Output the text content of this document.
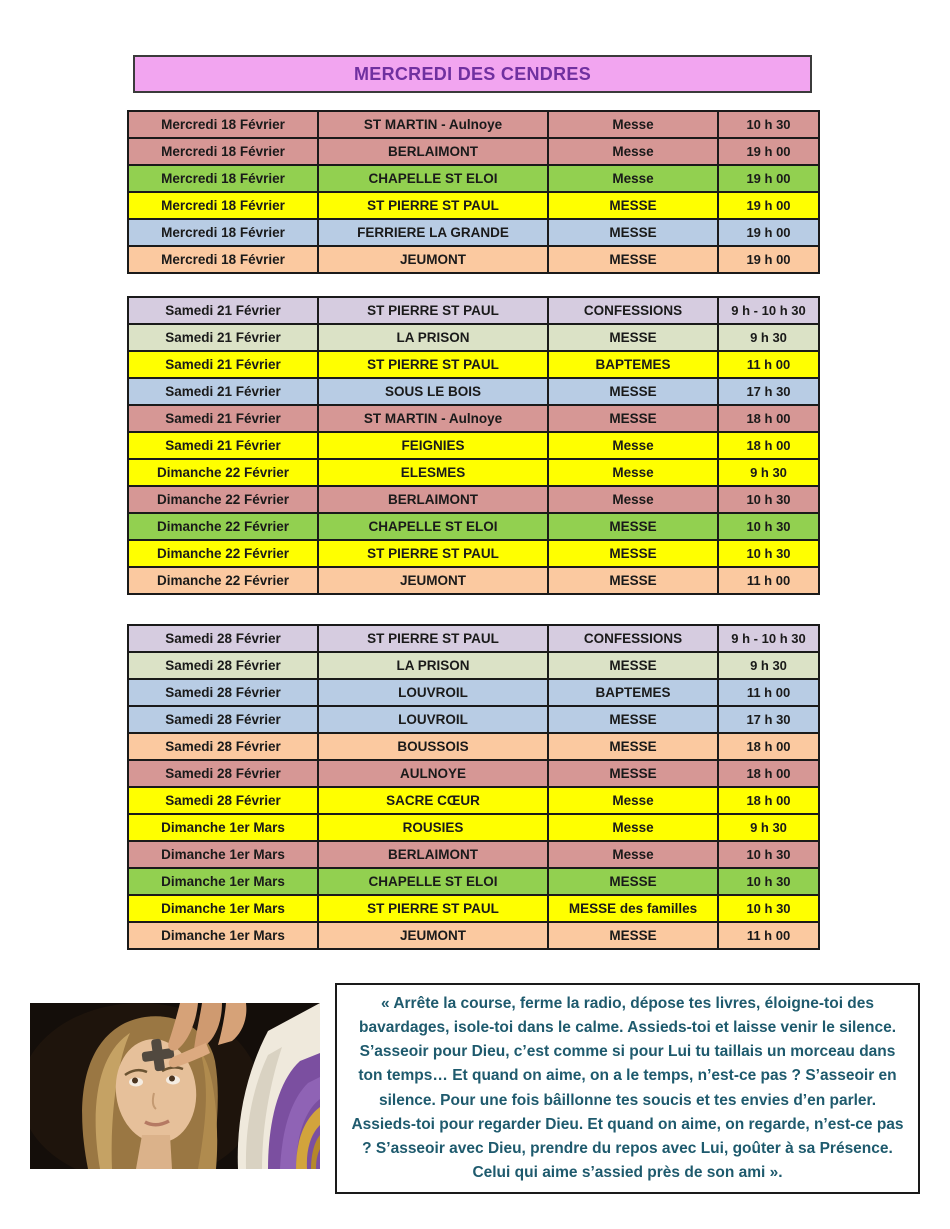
MERCREDI DES CENDRES
Mercredi 18 Février	ST MARTIN - Aulnoye	Messe	10 h 30
Mercredi 18 Février	BERLAIMONT	Messe	19 h 00
Mercredi 18 Février	CHAPELLE ST ELOI	Messe	19 h 00
Mercredi 18 Février	ST PIERRE ST PAUL	MESSE	19 h 00
Mercredi 18 Février	FERRIERE LA GRANDE	MESSE	19 h 00
Mercredi 18 Février	JEUMONT	MESSE	19 h 00
Samedi 21 Février	ST PIERRE ST PAUL	CONFESSIONS	9 h - 10 h 30
Samedi 21 Février	LA PRISON	MESSE	9 h 30
Samedi 21 Février	ST PIERRE ST PAUL	BAPTEMES	11 h 00
Samedi 21 Février	SOUS LE BOIS	MESSE	17 h 30
Samedi 21 Février	ST MARTIN - Aulnoye	MESSE	18 h 00
Samedi 21 Février	FEIGNIES	Messe	18 h 00
Dimanche 22 Février	ELESMES	Messe	9 h 30
Dimanche 22 Février	BERLAIMONT	Messe	10 h 30
Dimanche 22 Février	CHAPELLE ST ELOI	MESSE	10 h 30
Dimanche 22 Février	ST PIERRE ST PAUL	MESSE	10 h 30
Dimanche 22 Février	JEUMONT	MESSE	11 h 00
Samedi 28 Février	ST PIERRE ST PAUL	CONFESSIONS	9 h - 10 h 30
Samedi 28 Février	LA PRISON	MESSE	9 h 30
Samedi 28 Février	LOUVROIL	BAPTEMES	11 h 00
Samedi 28 Février	LOUVROIL	MESSE	17 h 30
Samedi 28 Février	BOUSSOIS	MESSE	18 h 00
Samedi 28 Février	AULNOYE	MESSE	18 h 00
Samedi 28 Février	SACRE CŒUR	Messe	18 h 00
Dimanche 1er Mars	ROUSIES	Messe	9 h 30
Dimanche 1er Mars	BERLAIMONT	Messe	10 h 30
Dimanche 1er Mars	CHAPELLE ST ELOI	MESSE	10 h 30
Dimanche 1er Mars	ST PIERRE ST PAUL	MESSE des familles	10 h 30
Dimanche 1er Mars	JEUMONT	MESSE	11 h 00

« Arrête la course, ferme la radio, dépose tes livres, éloigne-toi des bavardages, isole-toi dans le calme. Assieds-toi et laisse venir le silence. S’asseoir pour Dieu, c’est comme si pour Lui tu taillais un morceau dans ton temps… Et quand on aime, on a le temps, n’est-ce pas ? S’asseoir en silence. Pour une fois bâillonne tes soucis et tes envies d’en parler. Assieds-toi pour regarder Dieu. Et quand on aime, on regarde, n’est-ce pas ? S’asseoir avec Dieu, prendre du repos avec Lui, goûter à sa Présence. Celui qui aime s’assied près de son ami ».
